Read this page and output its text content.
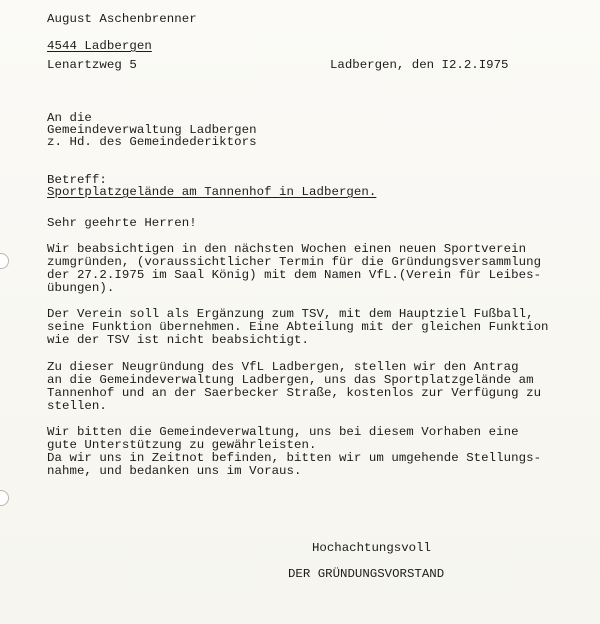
August Aschenbrenner
4544 Ladbergen
Lenartzweg 5	Ladbergen, den I2.2.I975
An die
Gemeindeverwaltung Ladbergen
z. Hd. des Gemeindederiktors
Betreff:
Sportplatzgelände am Tannenhof in Ladbergen.
Sehr geehrte Herren!
Wir beabsichtigen in den nächsten Wochen einen neuen Sportverein
zumgründen, (voraussichtlicher Termin für die Gründungsversammlung
der 27.2.I975 im Saal König) mit dem Namen VfL.(Verein für Leibes-
übungen).
Der Verein soll als Ergänzung zum TSV, mit dem Hauptziel Fußball,
seine Funktion übernehmen. Eine Abteilung mit der gleichen Funktion
wie der TSV ist nicht beabsichtigt.
Zu dieser Neugründung des VfL Ladbergen, stellen wir den Antrag
an die Gemeindeverwaltung Ladbergen, uns das Sportplatzgelände am
Tannenhof und an der Saerbecker Straße, kostenlos zur Verfügung zu
stellen.
Wir bitten die Gemeindeverwaltung, uns bei diesem Vorhaben eine
gute Unterstützung zu gewährleisten.
Da wir uns in Zeitnot befinden, bitten wir um umgehende Stellungs-
nahme, und bedanken uns im Voraus.
Hochachtungsvoll
DER GRÜNDUNGSVORSTAND
